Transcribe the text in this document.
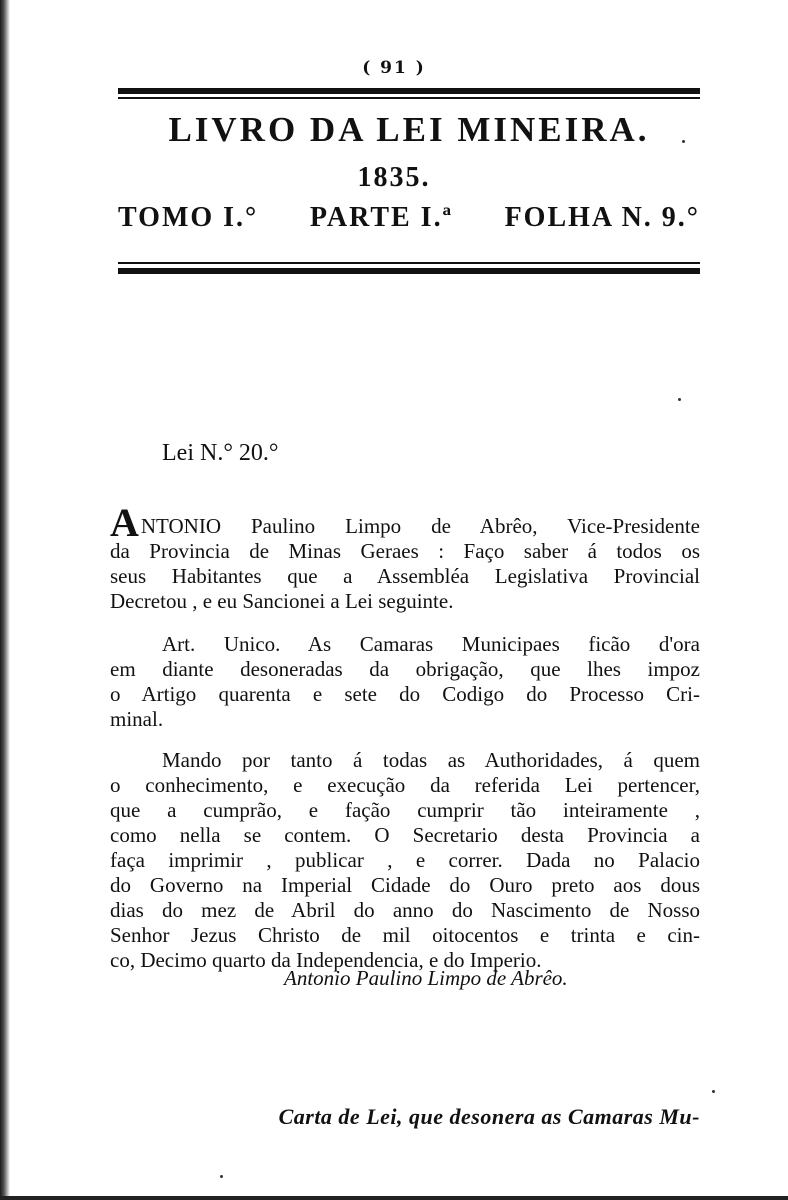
( 91 )
LIVRO DA LEI MINEIRA.
1835.
TOMO I.° PARTE I.ª FOLHA N. 9.°
Lei N.° 20.°
ANTONIO Paulino Limpo de Abrêo, Vice-Presidente
da Provincia de Minas Geraes : Faço saber á todos os
seus Habitantes que a Assembléa Legislativa Provincial
Decretou , e eu Sancionei a Lei seguinte.
Art. Unico. As Camaras Municipaes ficão d'ora
em diante desoneradas da obrigação, que lhes impoz
o Artigo quarenta e sete do Codigo do Processo Cri-
minal.
Mando por tanto á todas as Authoridades, á quem
o conhecimento, e execução da referida Lei pertencer,
que a cumprão, e fação cumprir tão inteiramente ,
como nella se contem. O Secretario desta Provincia a
faça imprimir , publicar , e correr. Dada no Palacio
do Governo na Imperial Cidade do Ouro preto aos dous
dias do mez de Abril do anno do Nascimento de Nosso
Senhor Jezus Christo de mil oitocentos e trinta e cin-
co, Decimo quarto da Independencia, e do Imperio.
Antonio Paulino Limpo de Abrêo.
Carta de Lei, que desonera as Camaras Mu-
